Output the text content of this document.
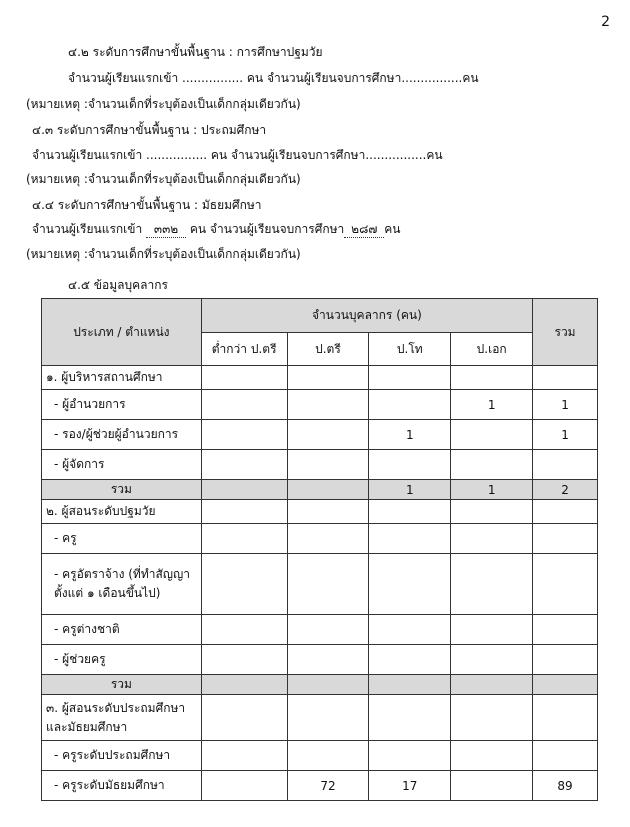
2
๔.๒ ระดับการศึกษาขั้นพื้นฐาน : การศึกษาปฐมวัย
จำนวนผู้เรียนแรกเข้า ................ คน จำนวนผู้เรียนจบการศึกษา................คน
(หมายเหตุ :จำนวนเด็กที่ระบุต้องเป็นเด็กกลุ่มเดียวกัน)
๔.๓ ระดับการศึกษาขั้นพื้นฐาน : ประถมศึกษา
จำนวนผู้เรียนแรกเข้า ................ คน จำนวนผู้เรียนจบการศึกษา................คน
(หมายเหตุ :จำนวนเด็กที่ระบุต้องเป็นเด็กกลุ่มเดียวกัน)
๔.๔ ระดับการศึกษาขั้นพื้นฐาน : มัธยมศึกษา
จำนวนผู้เรียนแรกเข้า ๓๓๒ คน จำนวนผู้เรียนจบการศึกษา ๒๘๗ คน
(หมายเหตุ :จำนวนเด็กที่ระบุต้องเป็นเด็กกลุ่มเดียวกัน)
๔.๕ ข้อมูลบุคลากร
ประเภท / ตำแหน่ง	จำนวนบุคลากร (คน)				รวม
	ต่ำกว่า ป.ตรี	ป.ตรี	ป.โท	ป.เอก	
๑. ผู้บริหารสถานศึกษา					
- ผู้อำนวยการ				1	1
- รอง/ผู้ช่วยผู้อำนวยการ			1		1
- ผู้จัดการ					
รวม			1	1	2
๒. ผู้สอนระดับปฐมวัย					
- ครู					
- ครูอัตราจ้าง (ที่ทำสัญญาตั้งแต่ ๑ เดือนขึ้นไป)					
- ครูต่างชาติ					
- ผู้ช่วยครู					
รวม					
๓. ผู้สอนระดับประถมศึกษาและมัธยมศึกษา					
- ครูระดับประถมศึกษา					
- ครูระดับมัธยมศึกษา		72	17		89
